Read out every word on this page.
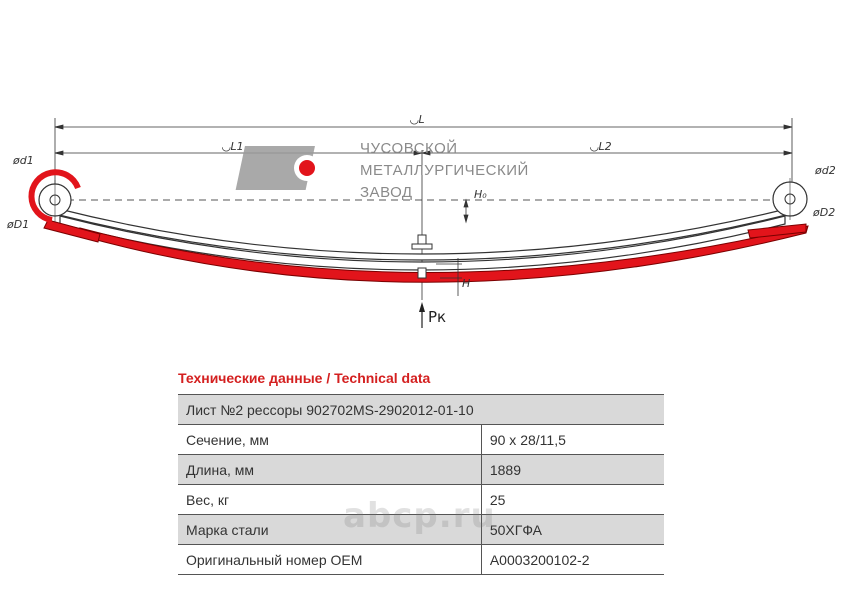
◡L
◡L1	◡L2
ЧУСОВСКОЙ
МЕТАЛЛУРГИЧЕСКИЙ
ЗАВОД
ød1
øD1
ød2
øD2
H₀
H
Pк
Технические данные / Technical data
Лист №2 рессоры 902702MS-2902012-01-10	
Сечение, мм	90 х 28/11,5
Длина, мм	1889
Вес, кг	25
Марка стали	50ХГФА
Оригинальный номер OEM	A0003200102-2
abcp.ru
